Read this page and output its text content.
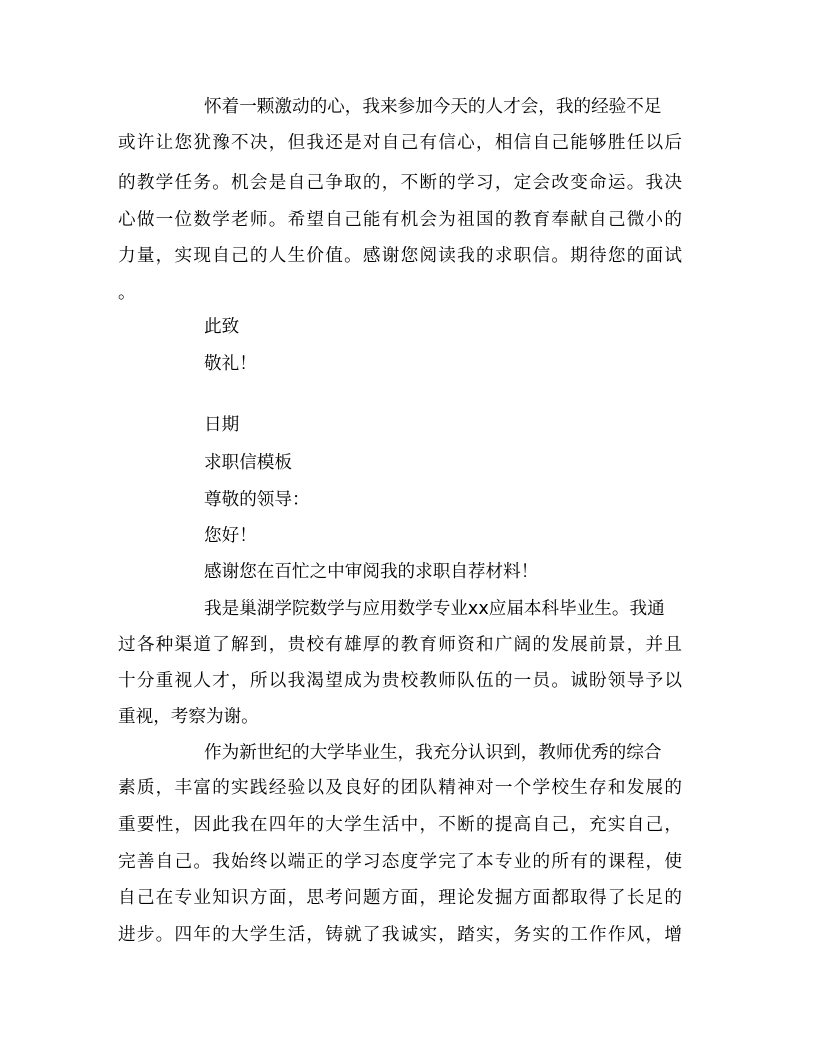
怀着一颗激动的心，我来参加今天的人才会，我的经验不足
或许让您犹豫不决，但我还是对自己有信心，相信自己能够胜任以后
的教学任务。机会是自己争取的，不断的学习，定会改变命运。我决
心做一位数学老师。希望自己能有机会为祖国的教育奉献自己微小的
力量，实现自己的人生价值。感谢您阅读我的求职信。期待您的面试
。
此致
敬礼！
日期
求职信模板
尊敬的领导：
您好！
感谢您在百忙之中审阅我的求职自荐材料！
我是巢湖学院数学与应用数学专业xx应届本科毕业生。我通
过各种渠道了解到，贵校有雄厚的教育师资和广阔的发展前景，并且
十分重视人才，所以我渴望成为贵校教师队伍的一员。诚盼领导予以
重视，考察为谢。
作为新世纪的大学毕业生，我充分认识到，教师优秀的综合
素质，丰富的实践经验以及良好的团队精神对一个学校生存和发展的
重要性，因此我在四年的大学生活中，不断的提高自己，充实自己，
完善自己。我始终以端正的学习态度学完了本专业的所有的课程，使
自己在专业知识方面，思考问题方面，理论发掘方面都取得了长足的
进步。四年的大学生活，铸就了我诚实，踏实，务实的工作作风，增
